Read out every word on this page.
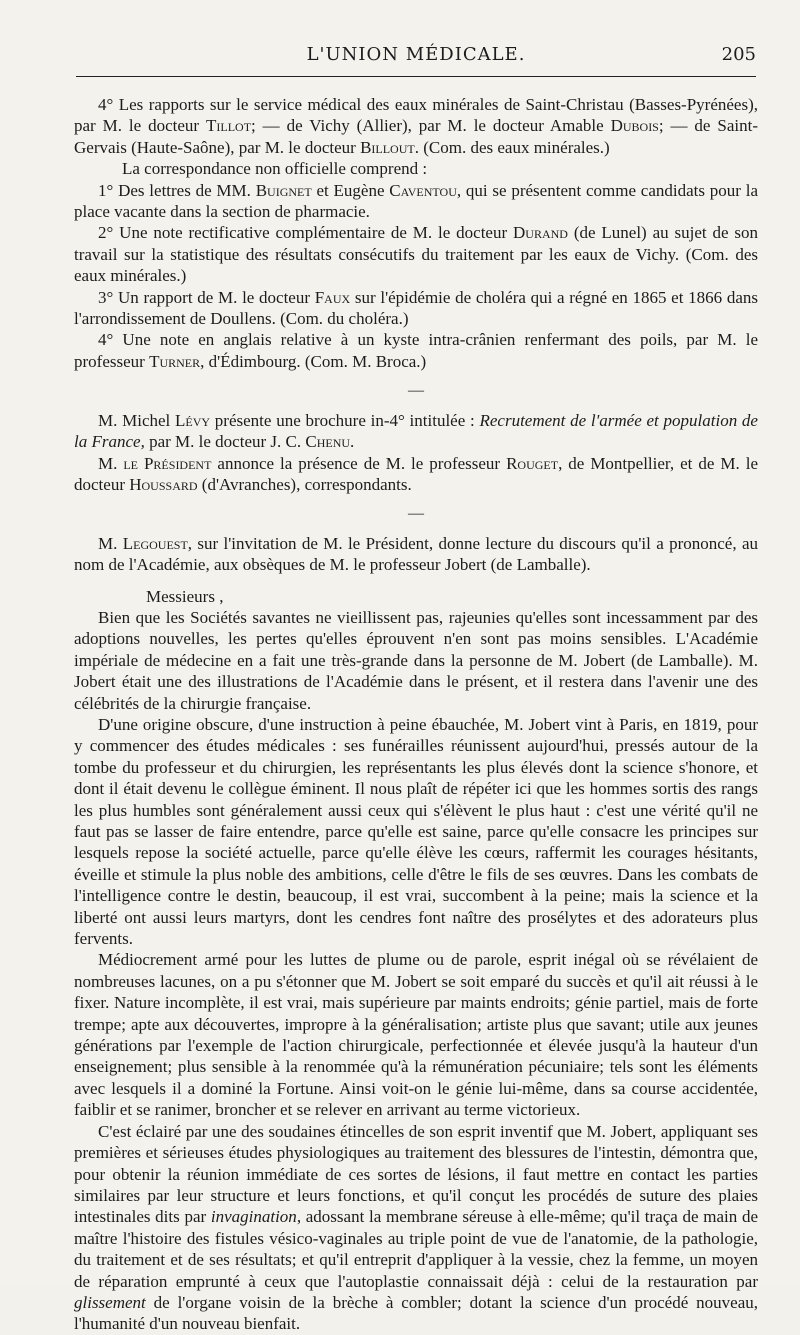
L'UNION MÉDICALE.	205

4° Les rapports sur le service médical des eaux minérales de Saint-Christau (Basses-Pyrénées), par M. le docteur Tillot; — de Vichy (Allier), par M. le docteur Amable Dubois; — de Saint-Gervais (Haute-Saône), par M. le docteur Billout. (Com. des eaux minérales.)

La correspondance non officielle comprend :

1° Des lettres de MM. Buignet et Eugène Caventou, qui se présentent comme candidats pour la place vacante dans la section de pharmacie.

2° Une note rectificative complémentaire de M. le docteur Durand (de Lunel) au sujet de son travail sur la statistique des résultats consécutifs du traitement par les eaux de Vichy. (Com. des eaux minérales.)

3° Un rapport de M. le docteur Faux sur l'épidémie de choléra qui a régné en 1865 et 1866 dans l'arrondissement de Doullens. (Com. du choléra.)

4° Une note en anglais relative à un kyste intra-crânien renfermant des poils, par M. le professeur Turner, d'Édimbourg. (Com. M. Broca.)

—

M. Michel Lévy présente une brochure in-4° intitulée : Recrutement de l'armée et population de la France, par M. le docteur J. C. Chenu.

M. le Président annonce la présence de M. le professeur Rouget, de Montpellier, et de M. le docteur Houssard (d'Avranches), correspondants.

—

M. Legouest, sur l'invitation de M. le Président, donne lecture du discours qu'il a prononcé, au nom de l'Académie, aux obsèques de M. le professeur Jobert (de Lamballe).

Messieurs ,

Bien que les Sociétés savantes ne vieillissent pas, rajeunies qu'elles sont incessamment par des adoptions nouvelles, les pertes qu'elles éprouvent n'en sont pas moins sensibles. L'Académie impériale de médecine en a fait une très-grande dans la personne de M. Jobert (de Lamballe). M. Jobert était une des illustrations de l'Académie dans le présent, et il restera dans l'avenir une des célébrités de la chirurgie française.

D'une origine obscure, d'une instruction à peine ébauchée, M. Jobert vint à Paris, en 1819, pour y commencer des études médicales : ses funérailles réunissent aujourd'hui, pressés autour de la tombe du professeur et du chirurgien, les représentants les plus élevés dont la science s'honore, et dont il était devenu le collègue éminent. Il nous plaît de répéter ici que les hommes sortis des rangs les plus humbles sont généralement aussi ceux qui s'élèvent le plus haut : c'est une vérité qu'il ne faut pas se lasser de faire entendre, parce qu'elle est saine, parce qu'elle consacre les principes sur lesquels repose la société actuelle, parce qu'elle élève les cœurs, raffermit les courages hésitants, éveille et stimule la plus noble des ambitions, celle d'être le fils de ses œuvres. Dans les combats de l'intelligence contre le destin, beaucoup, il est vrai, succombent à la peine; mais la science et la liberté ont aussi leurs martyrs, dont les cendres font naître des prosélytes et des adorateurs plus fervents.

Médiocrement armé pour les luttes de plume ou de parole, esprit inégal où se révélaient de nombreuses lacunes, on a pu s'étonner que M. Jobert se soit emparé du succès et qu'il ait réussi à le fixer. Nature incomplète, il est vrai, mais supérieure par maints endroits; génie partiel, mais de forte trempe; apte aux découvertes, impropre à la généralisation; artiste plus que savant; utile aux jeunes générations par l'exemple de l'action chirurgicale, perfectionnée et élevée jusqu'à la hauteur d'un enseignement; plus sensible à la renommée qu'à la rémunération pécuniaire; tels sont les éléments avec lesquels il a dominé la Fortune. Ainsi voit-on le génie lui-même, dans sa course accidentée, faiblir et se ranimer, broncher et se relever en arrivant au terme victorieux.

C'est éclairé par une des soudaines étincelles de son esprit inventif que M. Jobert, appliquant ses premières et sérieuses études physiologiques au traitement des blessures de l'intestin, démontra que, pour obtenir la réunion immédiate de ces sortes de lésions, il faut mettre en contact les parties similaires par leur structure et leurs fonctions, et qu'il conçut les procédés de suture des plaies intestinales dits par invagination, adossant la membrane séreuse à elle-même; qu'il traça de main de maître l'histoire des fistules vésico-vaginales au triple point de vue de l'anatomie, de la pathologie, du traitement et de ses résultats; et qu'il entreprit d'appliquer à la vessie, chez la femme, un moyen de réparation emprunté à ceux que l'autoplastie connaissait déjà : celui de la restauration par glissement de l'organe voisin de la brèche à combler; dotant la science d'un procédé nouveau, l'humanité d'un nouveau bienfait.
